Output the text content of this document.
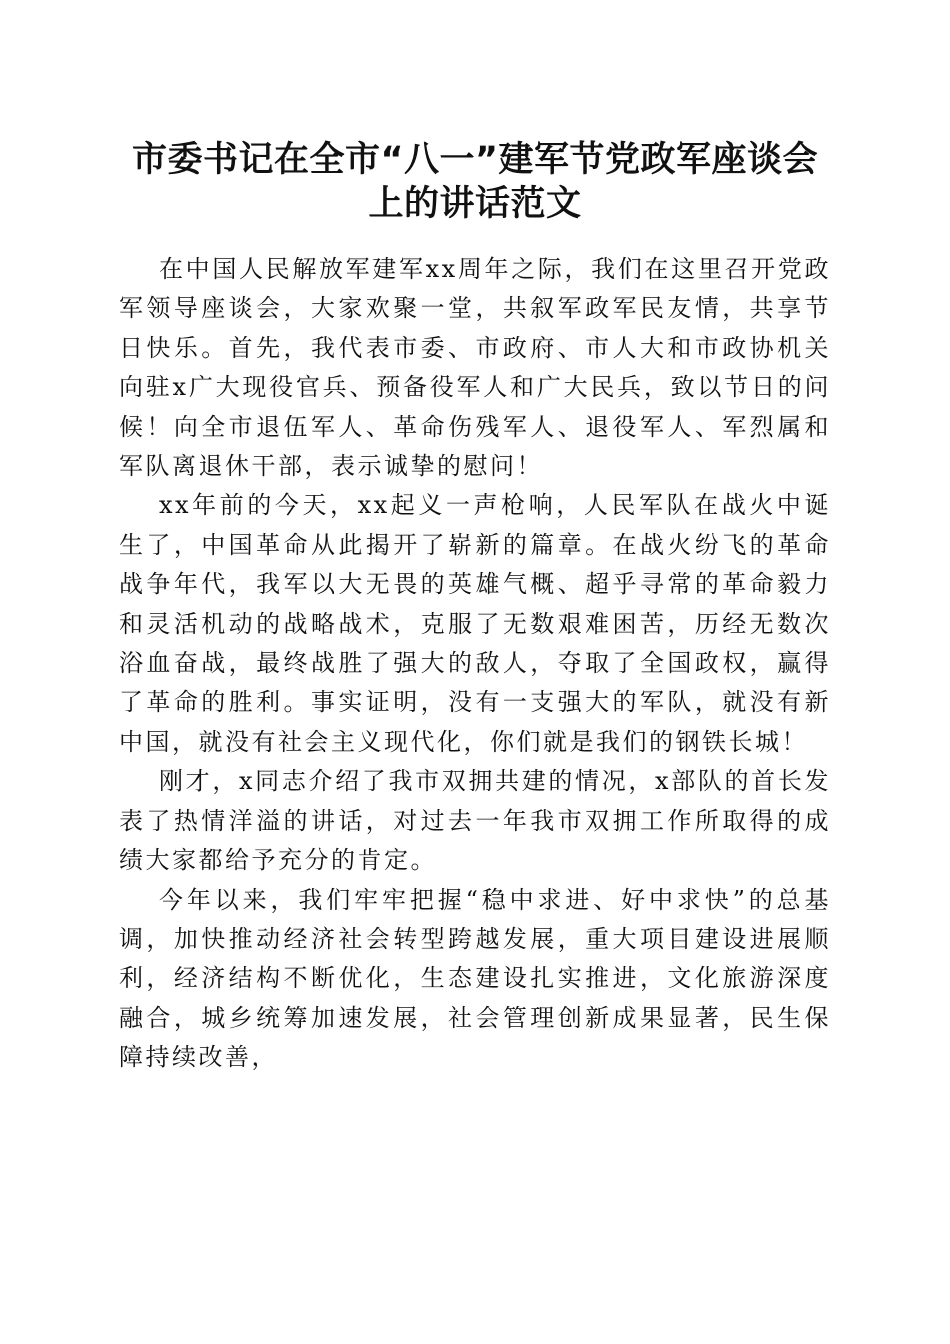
市委书记在全市“八一”建军节党政军座谈会
上的讲话范文

在中国人民解放军建军xx周年之际，我们在这里召开党政军领导座谈会，大家欢聚一堂，共叙军政军民友情，共享节日快乐。首先，我代表市委、市政府、市人大和市政协机关向驻x广大现役官兵、预备役军人和广大民兵，致以节日的问候！向全市退伍军人、革命伤残军人、退役军人、军烈属和军队离退休干部，表示诚挚的慰问！

xx年前的今天，xx起义一声枪响，人民军队在战火中诞生了，中国革命从此揭开了崭新的篇章。在战火纷飞的革命战争年代，我军以大无畏的英雄气概、超乎寻常的革命毅力和灵活机动的战略战术，克服了无数艰难困苦，历经无数次浴血奋战，最终战胜了强大的敌人，夺取了全国政权，赢得了革命的胜利。事实证明，没有一支强大的军队，就没有新中国，就没有社会主义现代化，你们就是我们的钢铁长城！

刚才，x同志介绍了我市双拥共建的情况，x部队的首长发表了热情洋溢的讲话，对过去一年我市双拥工作所取得的成绩大家都给予充分的肯定。

今年以来，我们牢牢把握“稳中求进、好中求快”的总基调，加快推动经济社会转型跨越发展，重大项目建设进展顺利，经济结构不断优化，生态建设扎实推进，文化旅游深度融合，城乡统筹加速发展，社会管理创新成果显著，民生保障持续改善，
